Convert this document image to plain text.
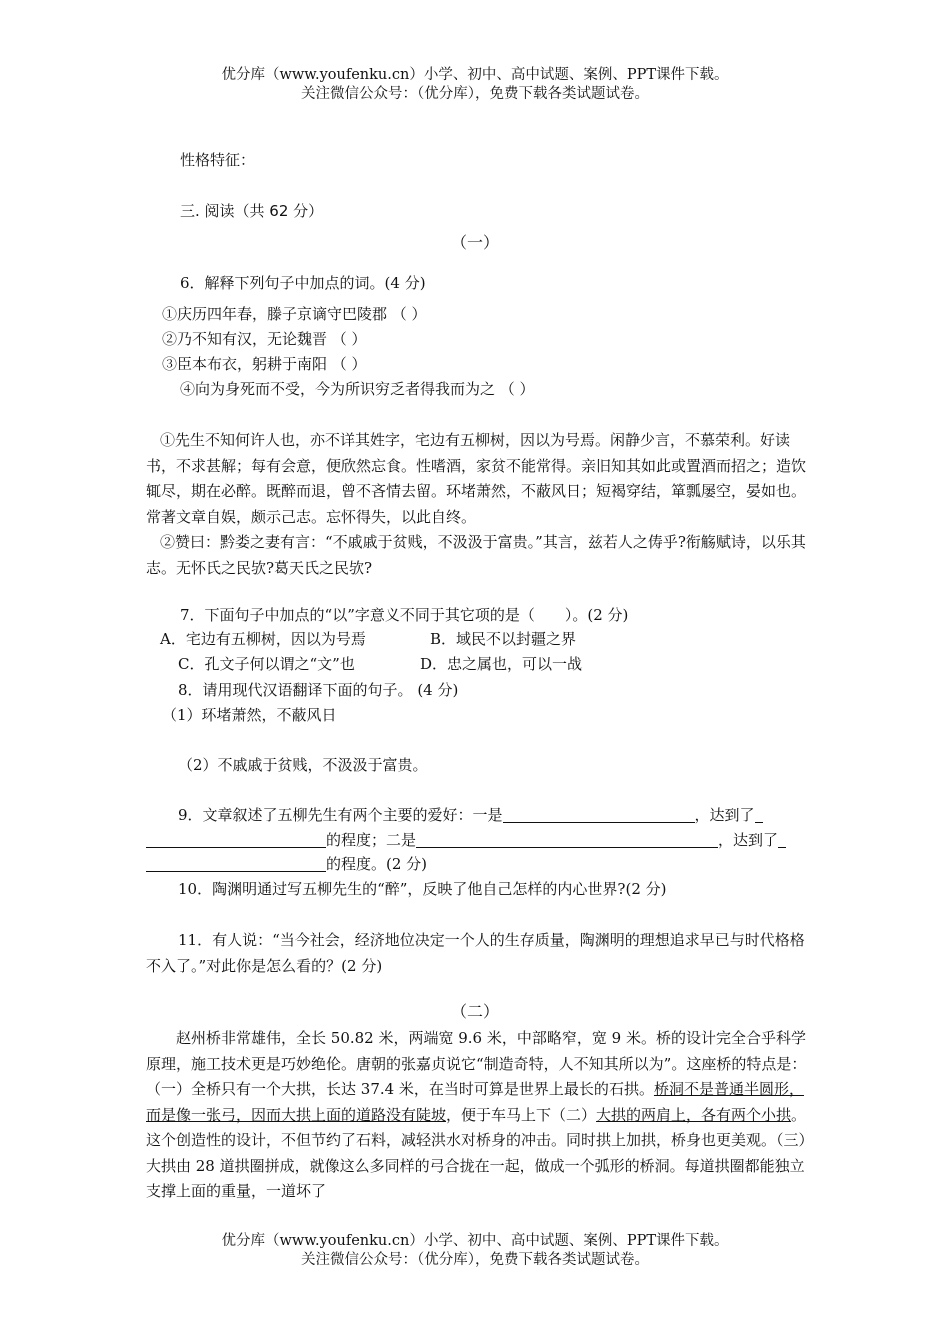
优分库（www.youfenku.cn）小学、初中、高中试题、案例、PPT课件下载。
关注微信公众号：（优分库），免费下载各类试题试卷。
性格特征：
三. 阅读（共 62 分）
（一）
6．解释下列句子中加点的词。(4 分)
①庆历四年春，滕子京谪守巴陵郡 （ ）
②乃不知有汉，无论魏晋 （ ）
③臣本布衣，躬耕于南阳 （ ）
④向为身死而不受，今为所识穷乏者得我而为之 （ ）
①先生不知何许人也，亦不详其姓字，宅边有五柳树，因以为号焉。闲静少言，不慕荣利。好读书，不求甚解；每有会意，便欣然忘食。性嗜酒，家贫不能常得。亲旧知其如此或置酒而招之；造饮辄尽，期在必醉。既醉而退，曾不吝情去留。环堵萧然，不蔽风日；短褐穿结，箪瓢屡空，晏如也。常著文章自娱，颇示己志。忘怀得失，以此自终。
②赞曰：黔娄之妻有言：“不戚戚于贫贱，不汲汲于富贵。”其言，兹若人之俦乎?衔觞赋诗，以乐其志。无怀氏之民欤?葛天氏之民欤?
7．下面句子中加点的“以”字意义不同于其它项的是（　　）。(2 分)
A．宅边有五柳树，因以为号焉	B．域民不以封疆之界
C．孔文子何以谓之“文”也	D．忠之属也，可以一战
8．请用现代汉语翻译下面的句子。 (4 分)
（1）环堵萧然，不蔽风日
（2）不戚戚于贫贱，不汲汲于富贵。
9．文章叙述了五柳先生有两个主要的爱好：一是	，达到了
的程度；二是	，达到了
的程度。(2 分)
10．陶渊明通过写五柳先生的“醉”，反映了他自己怎样的内心世界?(2 分)
11．有人说：“当今社会，经济地位决定一个人的生存质量，陶渊明的理想追求早已与时代格格不入了。”对此你是怎么看的？(2 分)
（二）
赵州桥非常雄伟，全长 50.82 米，两端宽 9.6 米，中部略窄，宽 9 米。桥的设计完全合乎科学原理，施工技术更是巧妙绝伦。唐朝的张嘉贞说它“制造奇特，人不知其所以为”。这座桥的特点是：（一）全桥只有一个大拱，长达 37.4 米，在当时可算是世界上最长的石拱。桥洞不是普通半圆形，而是像一张弓，因而大拱上面的道路没有陡坡，便于车马上下（二）大拱的两肩上，各有两个小拱。这个创造性的设计，不但节约了石料，减轻洪水对桥身的冲击。同时拱上加拱，桥身也更美观。（三）大拱由 28 道拱圈拼成，就像这么多同样的弓合拢在一起，做成一个弧形的桥洞。每道拱圈都能独立支撑上面的重量，一道坏了
优分库（www.youfenku.cn）小学、初中、高中试题、案例、PPT课件下载。
关注微信公众号：（优分库），免费下载各类试题试卷。
